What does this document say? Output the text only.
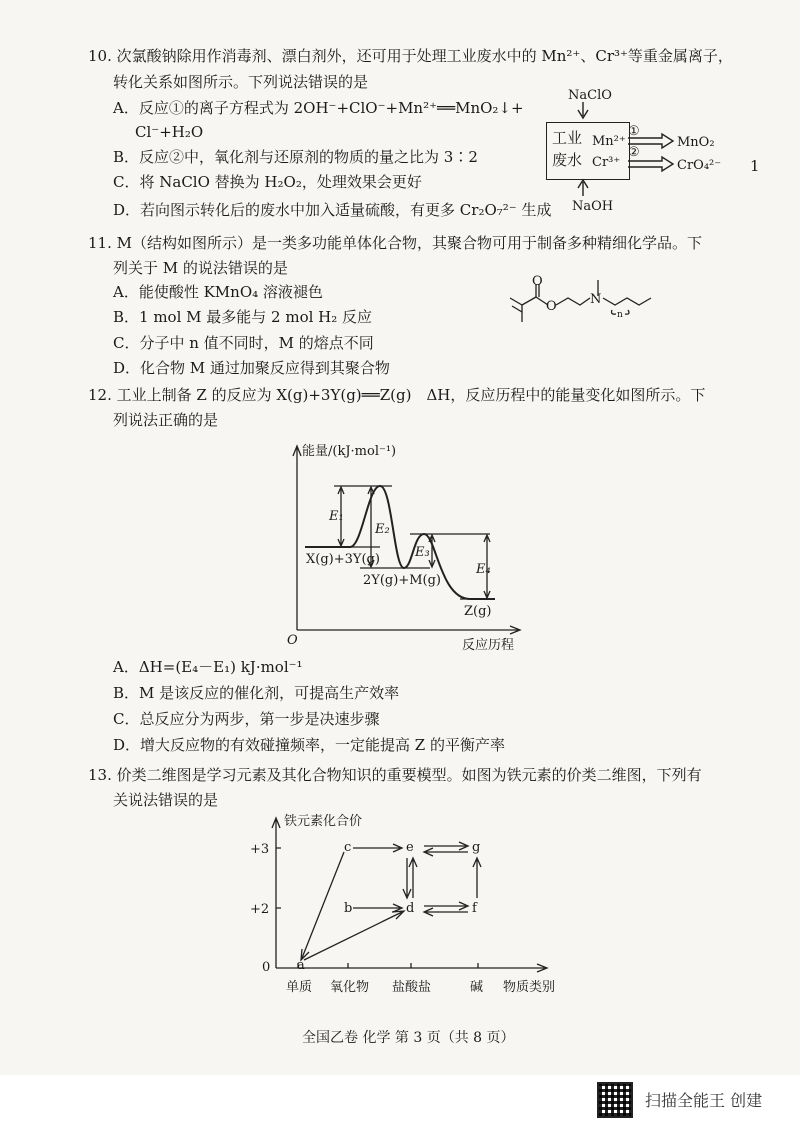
10. 次氯酸钠除用作消毒剂、漂白剂外，还可用于处理工业废水中的 Mn²⁺、Cr³⁺等重金属离子，
转化关系如图所示。下列说法错误的是
A．反应①的离子方程式为 2OH⁻+ClO⁻+Mn²⁺══MnO₂↓+
Cl⁻+H₂O
B．反应②中，氧化剂与还原剂的物质的量之比为 3∶2
C．将 NaClO 替换为 H₂O₂，处理效果会更好
D．若向图示转化后的废水中加入适量硫酸，有更多 Cr₂O₇²⁻ 生成
NaClO
NaOH
工业
废水
Mn²⁺
Cr³⁺
①
②
MnO₂
CrO₄²⁻ 1
11. M（结构如图所示）是一类多功能单体化合物，其聚合物可用于制备多种精细化学品。下
列关于 M 的说法错误的是
A．能使酸性 KMnO₄ 溶液褪色
B．1 mol M 最多能与 2 mol H₂ 反应
C．分子中 n 值不同时，M 的熔点不同
D．化合物 M 通过加聚反应得到其聚合物
O
O	N
n
12. 工业上制备 Z 的反应为 X(g)+3Y(g)══Z(g)　ΔH，反应历程中的能量变化如图所示。下
列说法正确的是
能量/(kJ·mol⁻¹)
反应历程
O
E₁
E₂
E₃
E₄
X(g)+3Y(g)
2Y(g)+M(g)
Z(g)
A．ΔH=(E₄－E₁) kJ·mol⁻¹
B．M 是该反应的催化剂，可提高生产效率
C．总反应分为两步，第一步是决速步骤
D．增大反应物的有效碰撞频率，一定能提高 Z 的平衡产率
13. 价类二维图是学习元素及其化合物知识的重要模型。如图为铁元素的价类二维图，下列有
关说法错误的是
铁元素化合价
+3
+2
0
单质 氧化物 盐酸盐	碱 物质类别
a
b
c
d
e
f
g
全国乙卷 化学 第 3 页（共 8 页）
扫描全能王 创建
